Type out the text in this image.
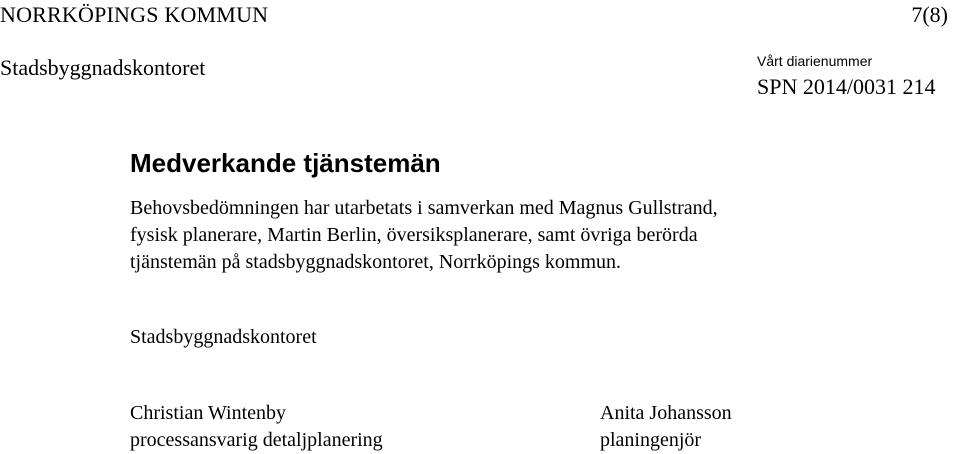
NORRKÖPINGS KOMMUN	7(8)
Stadsbyggnadskontoret	Vårt diarienummer
SPN 2014/0031 214
Medverkande tjänstemän
Behovsbedömningen har utarbetats i samverkan med Magnus Gullstrand,
fysisk planerare, Martin Berlin, översiksplanerare, samt övriga berörda
tjänstemän på stadsbyggnadskontoret, Norrköpings kommun.
Stadsbyggnadskontoret
Christian Wintenby
processansvarig detaljplanering
Anita Johansson
planingenjör
